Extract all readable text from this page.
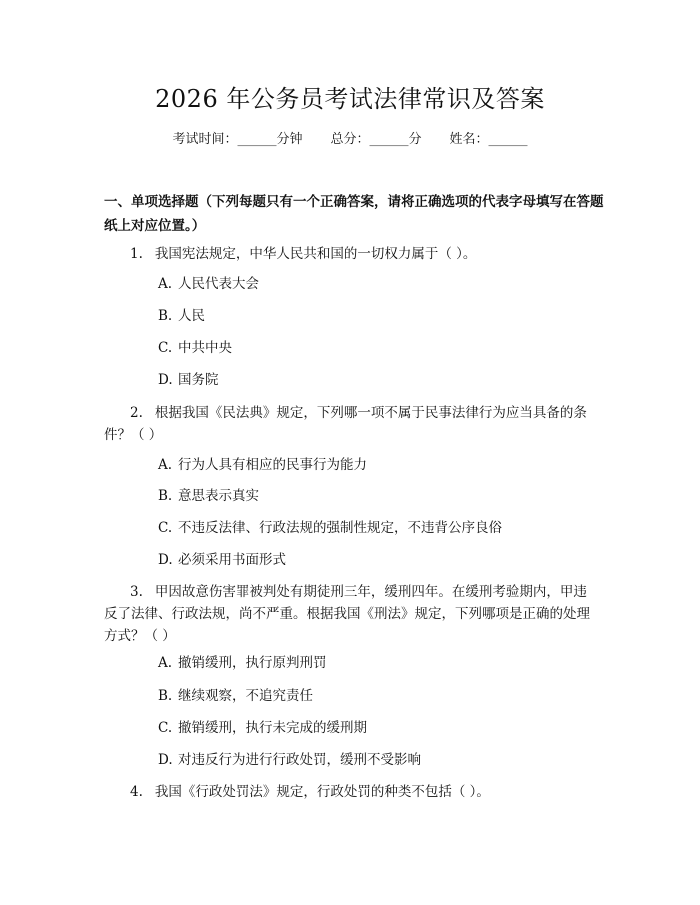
2026 年公务员考试法律常识及答案
考试时间：______分钟 总分：______分 姓名：______
一、单项选择题（下列每题只有一个正确答案，请将正确选项的代表字母填写在答题纸上对应位置。）
1. 我国宪法规定，中华人民共和国的一切权力属于（ ）。
A. 人民代表大会
B. 人民
C. 中共中央
D. 国务院
2. 根据我国《民法典》规定，下列哪一项不属于民事法律行为应当具备的条件？（ ）
A. 行为人具有相应的民事行为能力
B. 意思表示真实
C. 不违反法律、行政法规的强制性规定，不违背公序良俗
D. 必须采用书面形式
3. 甲因故意伤害罪被判处有期徒刑三年，缓刑四年。在缓刑考验期内，甲违反了法律、行政法规，尚不严重。根据我国《刑法》规定，下列哪项是正确的处理方式？（ ）
A. 撤销缓刑，执行原判刑罚
B. 继续观察，不追究责任
C. 撤销缓刑，执行未完成的缓刑期
D. 对违反行为进行行政处罚，缓刑不受影响
4. 我国《行政处罚法》规定，行政处罚的种类不包括（ ）。
